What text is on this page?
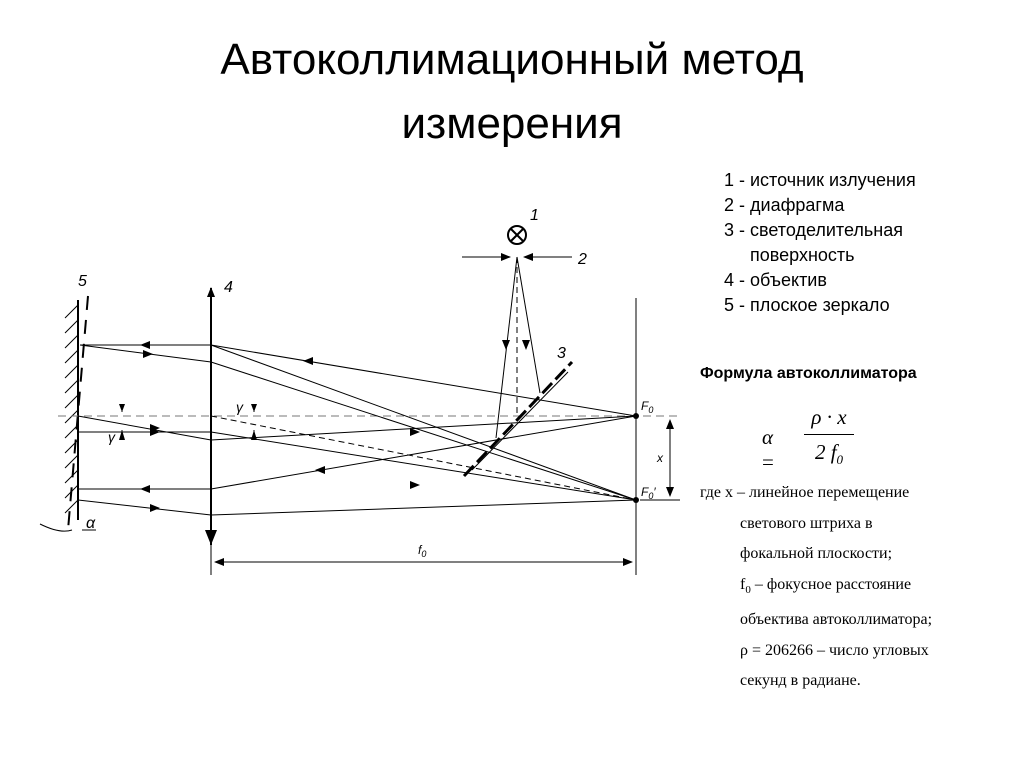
Автоколлимационный метод
измерения
1
2
3
4
5
$F_0$
$F_0'$
x
$f_0$
γ
γ
α
1 - источник излучения
2 - диафрагма
3 - светоделительная
поверхность
4 - объектив
5 - плоское зеркало
Формула автоколлиматора
α =
ρ · x
2 $f_0$
где x – линейное перемещение
светового штриха в
фокальной плоскости;
$f_0$ – фокусное расстояние
объектива автоколлиматора;
ρ = 206266 – число угловых
секунд в радиане.
